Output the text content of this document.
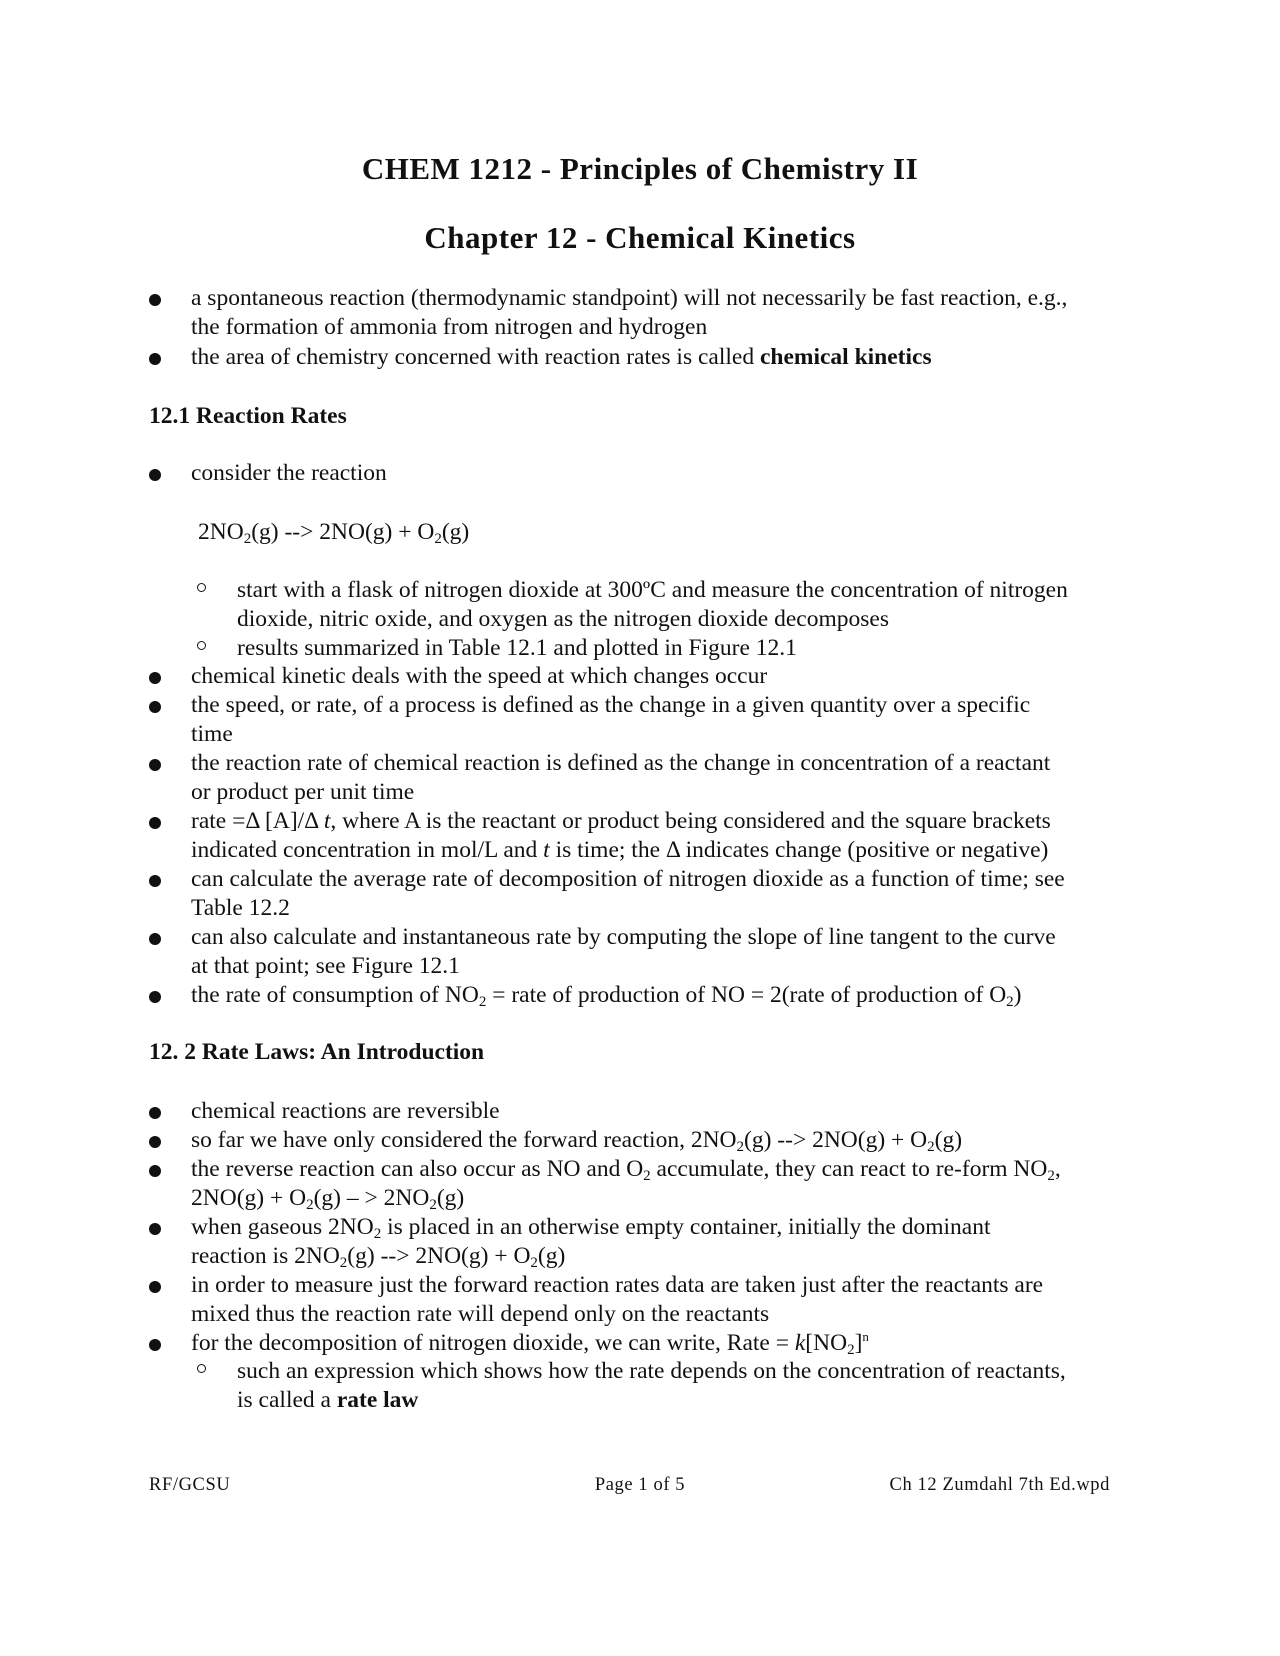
CHEM 1212 - Principles of Chemistry II
Chapter 12 - Chemical Kinetics
a spontaneous reaction (thermodynamic standpoint) will not necessarily be fast reaction, e.g.,
the formation of ammonia from nitrogen and hydrogen
the area of chemistry concerned with reaction rates is called chemical kinetics
12.1 Reaction Rates
consider the reaction
$2NO_2(g)$ --> $2NO(g) + O_2(g)$
start with a flask of nitrogen dioxide at 300ºC and measure the concentration of nitrogen
dioxide, nitric oxide, and oxygen as the nitrogen dioxide decomposes
results summarized in Table 12.1 and plotted in Figure 12.1
chemical kinetic deals with the speed at which changes occur
the speed, or rate, of a process is defined as the change in a given quantity over a specific
time
the reaction rate of chemical reaction is defined as the change in concentration of a reactant
or product per unit time
rate =Δ [A]/Δ t, where A is the reactant or product being considered and the square brackets
indicated concentration in mol/L and t is time; the Δ indicates change (positive or negative)
can calculate the average rate of decomposition of nitrogen dioxide as a function of time; see
Table 12.2
can also calculate and instantaneous rate by computing the slope of line tangent to the curve
at that point; see Figure 12.1
the rate of consumption of $NO_2$ = rate of production of NO = 2(rate of production of $O_2$)
12. 2 Rate Laws: An Introduction
chemical reactions are reversible
so far we have only considered the forward reaction, $2NO_2(g)$ --> $2NO(g) + O_2(g)$
the reverse reaction can also occur as NO and $O_2$ accumulate, they can react to re-form $NO_2$,
$2NO(g) + O_2(g)$ – > $2NO_2(g)$
when gaseous $2NO_2$ is placed in an otherwise empty container, initially the dominant
reaction is $2NO_2(g)$ --> $2NO(g) + O_2(g)$
in order to measure just the forward reaction rates data are taken just after the reactants are
mixed thus the reaction rate will depend only on the reactants
for the decomposition of nitrogen dioxide, we can write, Rate = $k[NO_2]^n$
such an expression which shows how the rate depends on the concentration of reactants,
is called a rate law
RF/GCSU	Page 1 of 5	Ch 12 Zumdahl 7th Ed.wpd
